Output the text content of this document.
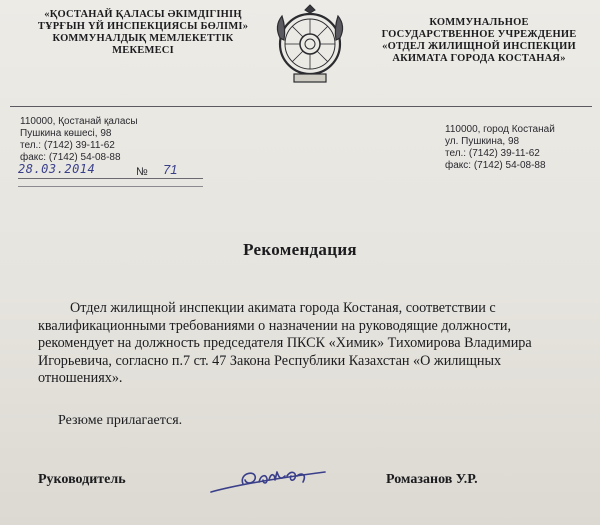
«ҚОСТАНАЙ ҚАЛАСЫ ӘКІМДІГІНІҢ
ТҰРҒЫН ҮЙ ИНСПЕКЦИЯСЫ БӨЛІМІ»
КОММУНАЛДЫҚ МЕМЛЕКЕТТІК
МЕКЕМЕСІ
КОММУНАЛЬНОЕ
ГОСУДАРСТВЕННОЕ УЧРЕЖДЕНИЕ
«ОТДЕЛ ЖИЛИЩНОЙ ИНСПЕКЦИИ
АКИМАТА ГОРОДА КОСТАНАЯ»
110000, Қостанай қаласы
Пушкина көшесі, 98
тел.: (7142) 39-11-62
факс: (7142) 54-08-88
110000, город Костанай
ул. Пушкина, 98
тел.: (7142) 39-11-62
факс: (7142) 54-08-88
28.03.2014	№ 71
Рекомендация
Отдел жилищной инспекции акимата города Костаная, соответствии с
квалификационными требованиями о назначении на руководящие должности,
рекомендует на должность председателя ПКСК «Химик» Тихомирова Владимира
Игорьевича, согласно п.7 ст. 47 Закона Республики Казахстан «О жилищных
отношениях».
Резюме прилагается.
Руководитель	Ромазанов У.Р.
